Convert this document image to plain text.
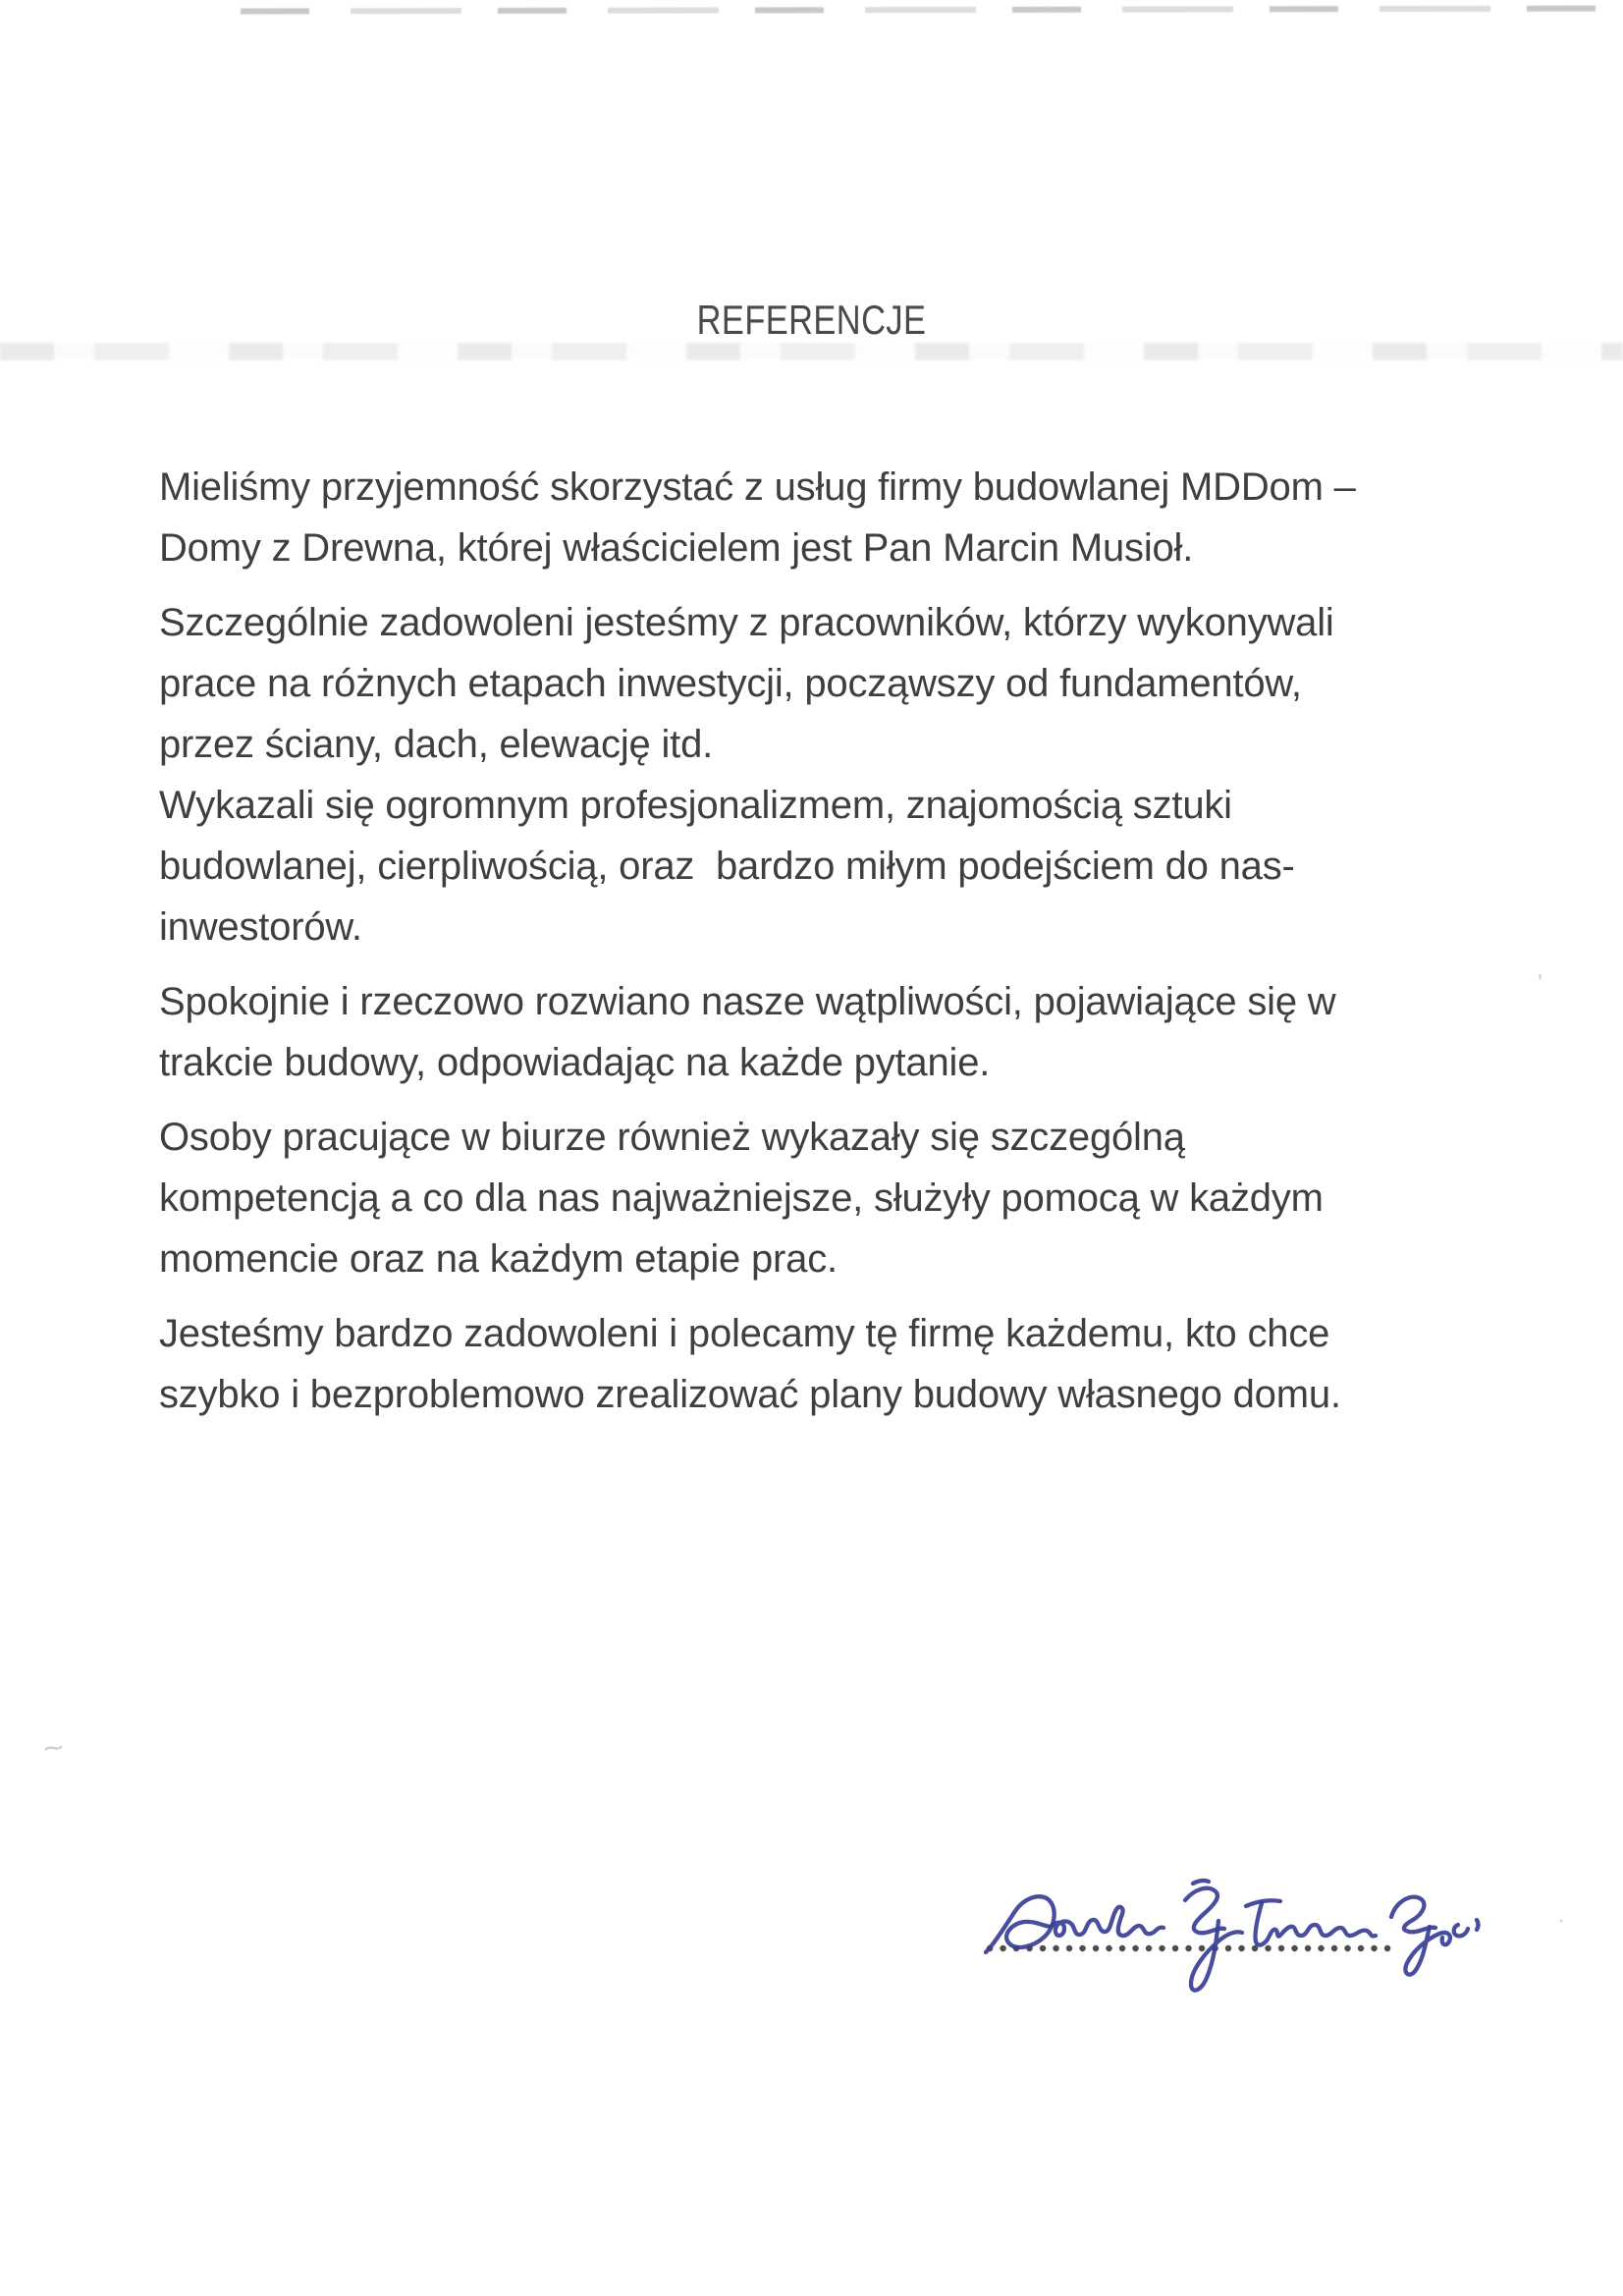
~
'
·
REFERENCJE
Mieliśmy przyjemność skorzystać z usług firmy budowlanej MDDom –
Domy z Drewna, której właścicielem jest Pan Marcin Musioł.
Szczególnie zadowoleni jesteśmy z pracowników, którzy wykonywali
prace na różnych etapach inwestycji, począwszy od fundamentów,
przez ściany, dach, elewację itd.
Wykazali się ogromnym profesjonalizmem, znajomością sztuki
budowlanej, cierpliwością, oraz  bardzo miłym podejściem do nas-
inwestorów.
Spokojnie i rzeczowo rozwiano nasze wątpliwości, pojawiające się w
trakcie budowy, odpowiadając na każde pytanie.
Osoby pracujące w biurze również wykazały się szczególną
kompetencją a co dla nas najważniejsze, służyły pomocą w każdym
momencie oraz na każdym etapie prac.
Jesteśmy bardzo zadowoleni i polecamy tę firmę każdemu, kto chce
szybko i bezproblemowo zrealizować plany budowy własnego domu.
